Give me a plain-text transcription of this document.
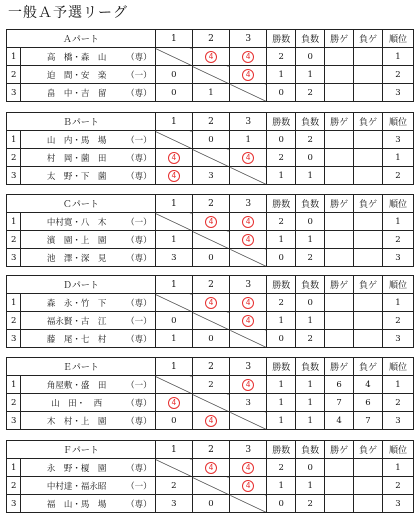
一般Ａ予選リーグ
Ａパート		1	2	3	勝数	負数	勝ゲ	負ゲ	順位
1	高　橋・森　山 （専）		4	4	2	0			1
2	迫　間・安　楽 （一）	0		4	1	1			2
3	畠　中・吉　留 （専）	0	1		0	2			3
Ｂパート		1	2	3	勝数	負数	勝ゲ	負ゲ	順位
1	山　内・馬　場 （一）		0	1	0	2			3
2	村　岡・薗　田 （専）	4		4	2	0			1
3	太　野・下　薗 （専）	4	3		1	1			2
Ｃパート		1	2	3	勝数	負数	勝ゲ	負ゲ	順位
1	中村寛・八　木 （一）		4	4	2	0			1
2	濱　園・上　園 （専）	1		4	1	1			2
3	池　澤・深　見 （専）	3	0		0	2			3
Ｄパート		1	2	3	勝数	負数	勝ゲ	負ゲ	順位
1	森　永・竹　下 （専）		4	4	2	0			1
2	福永賢・古　江 （一）	0		4	1	1			2
3	藤　尾・七　村 （専）	1	0		0	2			3
Ｅパート		1	2	3	勝数	負数	勝ゲ	負ゲ	順位
1	角屋敷・盛　田 （一）		2	4	1	1	6	4	1
2	山　田・　西 （専）	4		3	1	1	7	6	2
3	木　村・上　園 （専）	0	4		1	1	4	7	3
Ｆパート		1	2	3	勝数	負数	勝ゲ	負ゲ	順位
1	永　野・榎　園 （専）		4	4	2	0			1
2	中村達・福永昭 （一）	2		4	1	1			2
3	福　山・馬　場 （専）	3	0		0	2			3
